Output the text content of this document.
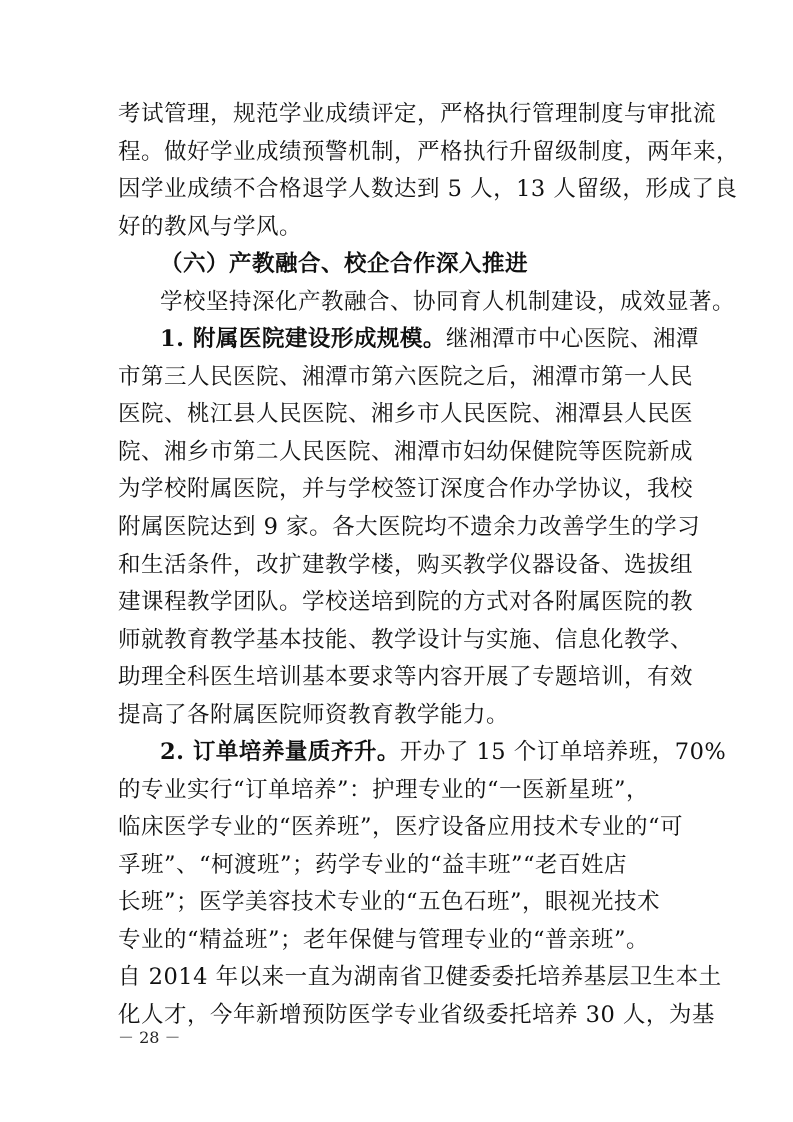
考试管理，规范学业成绩评定，严格执行管理制度与审批流
程。做好学业成绩预警机制，严格执行升留级制度，两年来，
因学业成绩不合格退学人数达到 5 人，13 人留级，形成了良
好的教风与学风。
（六）产教融合、校企合作深入推进
学校坚持深化产教融合、协同育人机制建设，成效显著。
1. 附属医院建设形成规模。继湘潭市中心医院、湘潭
市第三人民医院、湘潭市第六医院之后，湘潭市第一人民
医院、桃江县人民医院、湘乡市人民医院、湘潭县人民医
院、湘乡市第二人民医院、湘潭市妇幼保健院等医院新成
为学校附属医院，并与学校签订深度合作办学协议，我校
附属医院达到 9 家。各大医院均不遗余力改善学生的学习
和生活条件，改扩建教学楼，购买教学仪器设备、选拔组
建课程教学团队。学校送培到院的方式对各附属医院的教
师就教育教学基本技能、教学设计与实施、信息化教学、
助理全科医生培训基本要求等内容开展了专题培训，有效
提高了各附属医院师资教育教学能力。
2. 订单培养量质齐升。开办了 15 个订单培养班，70%
的专业实行“订单培养”：护理专业的“一医新星班”，
临床医学专业的“医养班”，医疗设备应用技术专业的“可
孚班”、“柯渡班”；药学专业的“益丰班”“老百姓店
长班”；医学美容技术专业的“五色石班”，眼视光技术
专业的“精益班”；老年保健与管理专业的“普亲班”。
自 2014 年以来一直为湖南省卫健委委托培养基层卫生本土
化人才，今年新增预防医学专业省级委托培养 30 人，为基
－ 28 －
